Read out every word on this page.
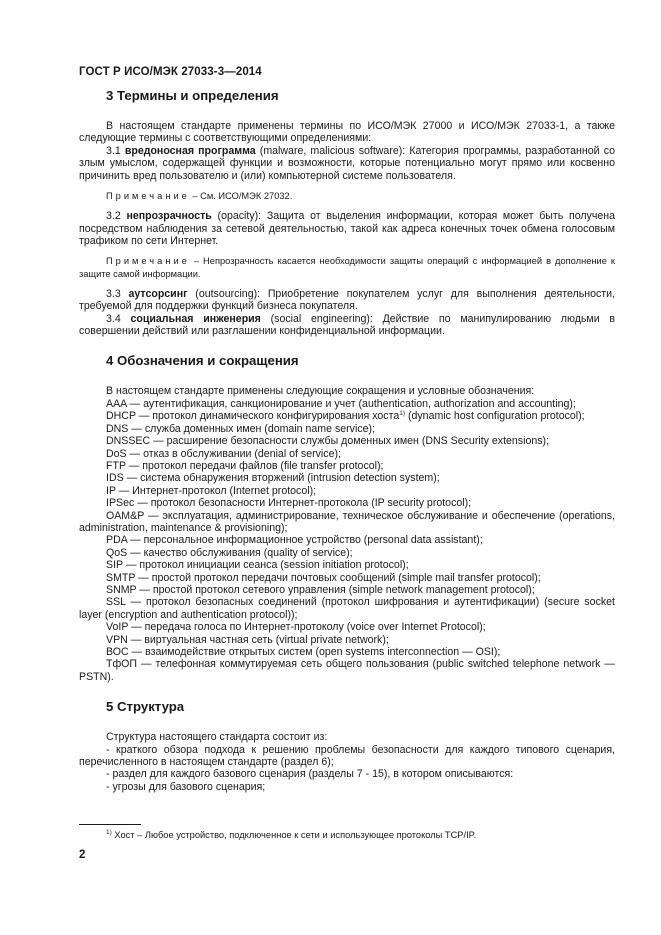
ГОСТ Р ИСО/МЭК 27033-3—2014

3 Термины и определения

В настоящем стандарте применены термины по ИСО/МЭК 27000 и ИСО/МЭК 27033-1, а также следующие термины с соответствующими определениями:

3.1 вредоносная программа (malware, malicious software): Категория программы, разработанной со злым умыслом, содержащей функции и возможности, которые потенциально могут прямо или косвенно причинить вред пользователю и (или) компьютерной системе пользователя.

Примечание – См. ИСО/МЭК 27032.

3.2 непрозрачность (opacity): Защита от выделения информации, которая может быть получена посредством наблюдения за сетевой деятельностью, такой как адреса конечных точек обмена голосовым трафиком по сети Интернет.

Примечание – Непрозрачность касается необходимости защиты операций с информацией в дополнение к защите самой информации.

3.3 аутсорсинг (outsourcing): Приобретение покупателем услуг для выполнения деятельности, требуемой для поддержки функций бизнеса покупателя.

3.4 социальная инженерия (social engineering): Действие по манипулированию людьми в совершении действий или разглашении конфиденциальной информации.

4 Обозначения и сокращения

В настоящем стандарте применены следующие сокращения и условные обозначения:

AAA — аутентификация, санкционирование и учет (authentication, authorization and accounting);

DHCP — протокол динамического конфигурирования хоста$^{1)}$ (dynamic host configuration protocol);

DNS — служба доменных имен (domain name service);

DNSSEC — расширение безопасности службы доменных имен (DNS Security extensions);

DoS — отказ в обслуживании (denial of service);

FTP — протокол передачи файлов (file transfer protocol);

IDS — система обнаружения вторжений (intrusion detection system);

IP — Интернет-протокол (Internet protocol);

IPSec — протокол безопасности Интернет-протокола (IP security protocol);

OAM&P — эксплуатация, администрирование, техническое обслуживание и обеспечение (operations, administration, maintenance & provisioning);

PDA — персональное информационное устройство (personal data assistant);

QoS — качество обслуживания (quality of service);

SIP — протокол инициации сеанса (session initiation protocol);

SMTP — простой протокол передачи почтовых сообщений (simple mail transfer protocol);

SNMP — простой протокол сетевого управления (simple network management protocol);

SSL — протокол безопасных соединений (протокол шифрования и аутентификации) (secure socket layer (encryption and authentication protocol));

VoIP — передача голоса по Интернет-протоколу (voice over Internet Protocol);

VPN — виртуальная частная сеть (virtual private network);

ВОС — взаимодействие открытых систем (open systems interconnection — OSI);

ТфОП — телефонная коммутируемая сеть общего пользования (public switched telephone network — PSTN).

5 Структура

Структура настоящего стандарта состоит из:

- краткого обзора подхода к решению проблемы безопасности для каждого типового сценария, перечисленного в настоящем стандарте (раздел 6);

- раздел для каждого базового сценария (разделы 7 - 15), в котором описываются:

- угрозы для базового сценария;

$^{1)}$ Хост – Любое устройство, подключенное к сети и использующее протоколы TCP/IP.
2
